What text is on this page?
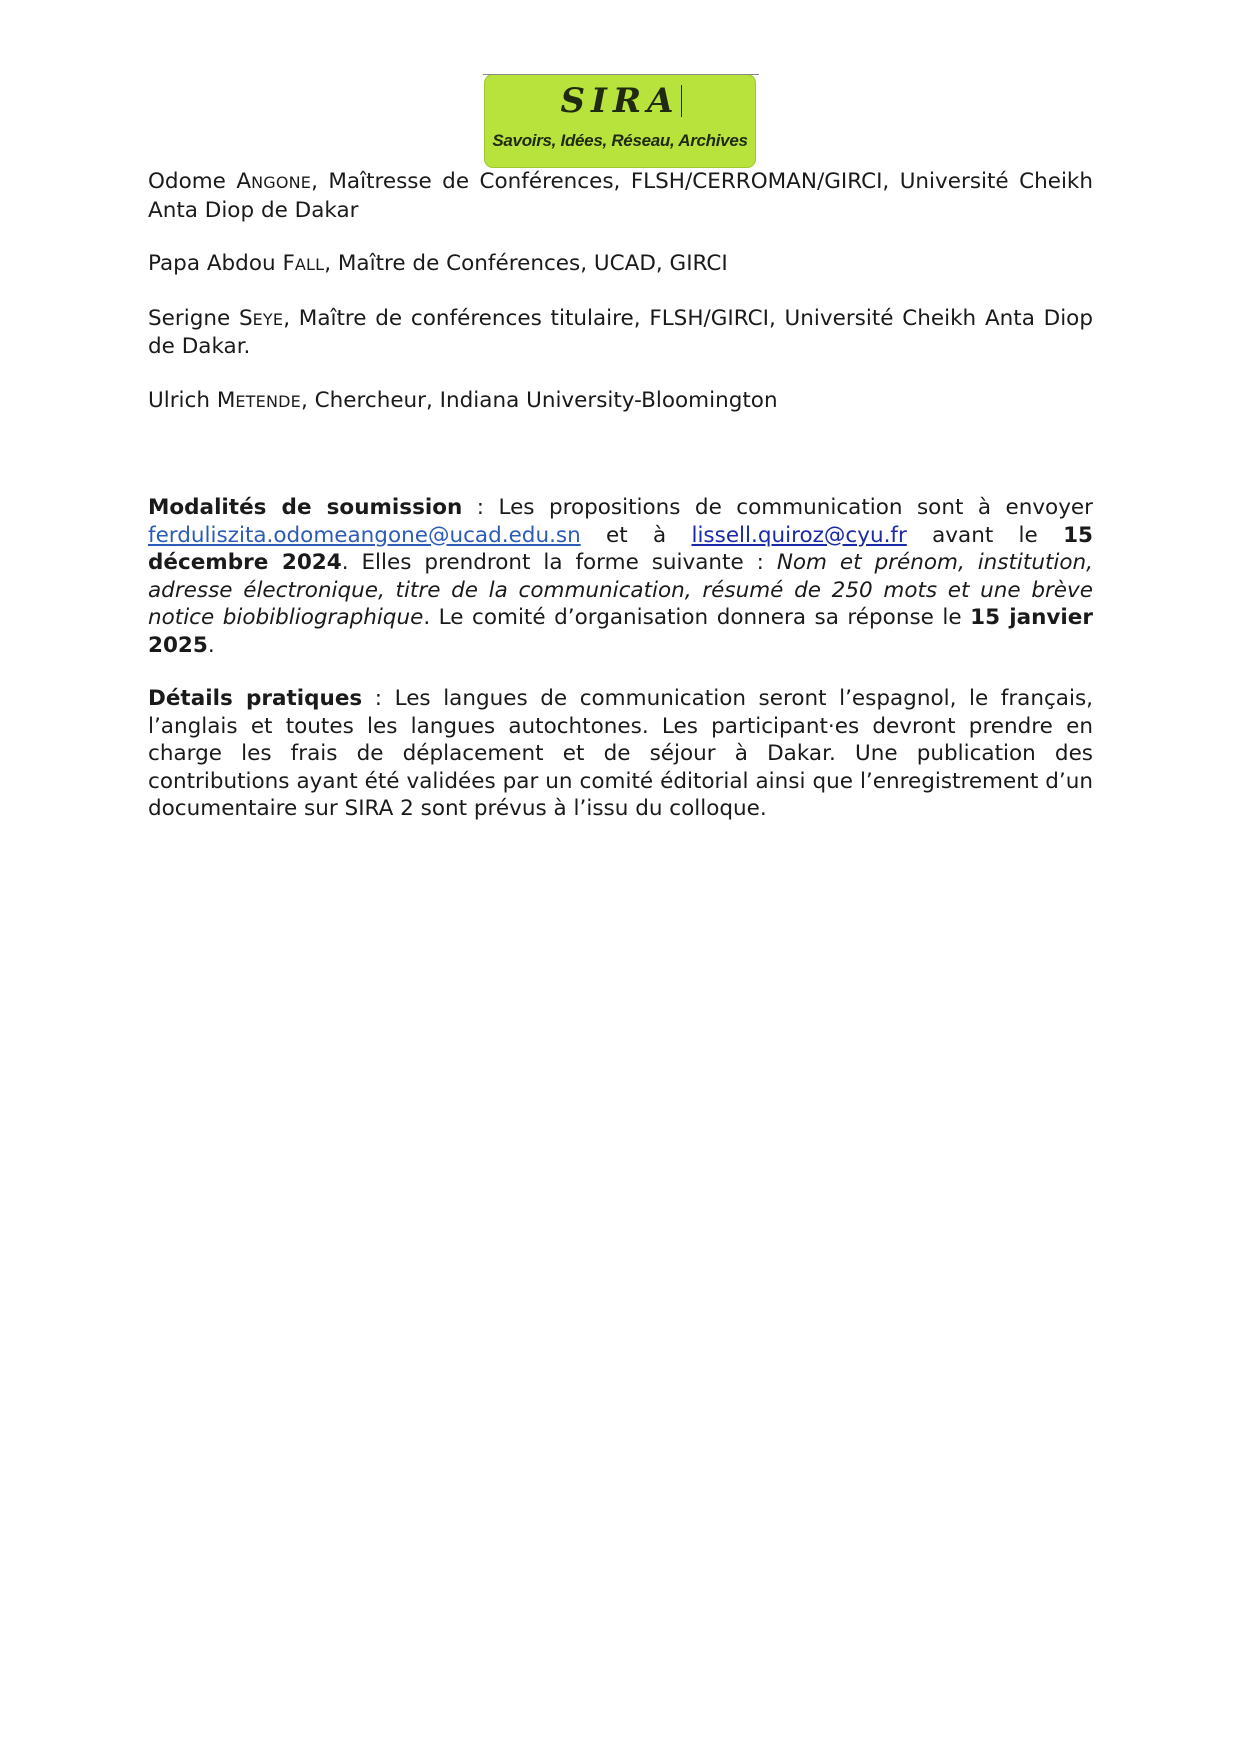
SIRA
Savoirs, Idées, Réseau, Archives

Odome ANGONE, Maîtresse de Conférences, FLSH/CERROMAN/GIRCI, Université Cheikh Anta Diop de Dakar

Papa Abdou FALL, Maître de Conférences, UCAD, GIRCI

Serigne SEYE, Maître de conférences titulaire, FLSH/GIRCI, Université Cheikh Anta Diop de Dakar.

Ulrich METENDE, Chercheur, Indiana University-Bloomington

Modalités de soumission : Les propositions de communication sont à envoyer ferduliszita.odomeangone@ucad.edu.sn et à lissell.quiroz@cyu.fr avant le 15 décembre 2024. Elles prendront la forme suivante : Nom et prénom, institution, adresse électronique, titre de la communication, résumé de 250 mots et une brève notice biobibliographique. Le comité d’organisation donnera sa réponse le 15 janvier 2025.

Détails pratiques : Les langues de communication seront l’espagnol, le français, l’anglais et toutes les langues autochtones. Les participant·es devront prendre en charge les frais de déplacement et de séjour à Dakar. Une publication des contributions ayant été validées par un comité éditorial ainsi que l’enregistrement d’un documentaire sur SIRA 2 sont prévus à l’issu du colloque.
